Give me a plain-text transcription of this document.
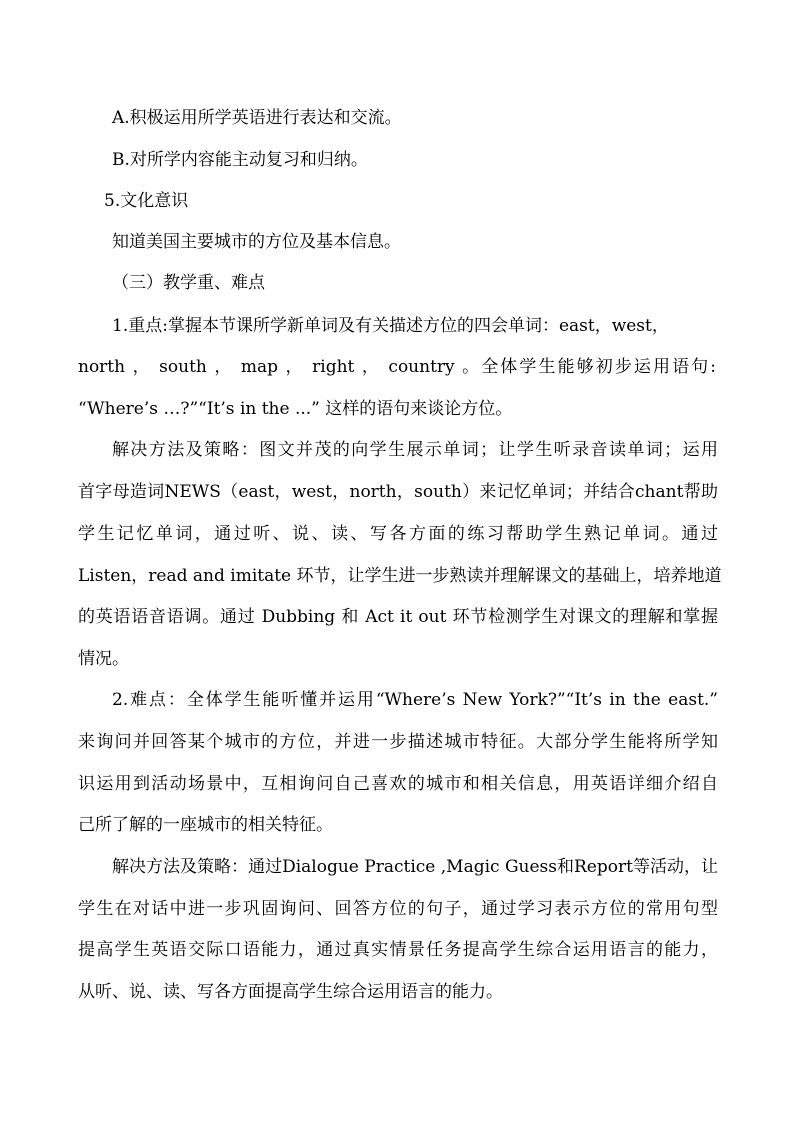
A.积极运用所学英语进行表达和交流。
B.对所学内容能主动复习和归纳。
5.文化意识
知道美国主要城市的方位及基本信息。
（三）教学重、难点
1.重点:掌握本节课所学新单词及有关描述方位的四会单词：east，west，
north ， south ， map ， right ， country 。全体学生能够初步运用语句:
“Where’s …?”“It’s in the ...” 这样的语句来谈论方位。
解决方法及策略：图文并茂的向学生展示单词；让学生听录音读单词；运用
首字母造词NEWS（east，west，north，south）来记忆单词；并结合chant帮助
学生记忆单词，通过听、说、读、写各方面的练习帮助学生熟记单词。通过
Listen，read and imitate 环节，让学生进一步熟读并理解课文的基础上，培养地道
的英语语音语调。通过 Dubbing 和 Act it out 环节检测学生对课文的理解和掌握
情况。
2.难点：全体学生能听懂并运用“Where’s New York?”“It’s in the east.”
来询问并回答某个城市的方位，并进一步描述城市特征。大部分学生能将所学知
识运用到活动场景中，互相询问自己喜欢的城市和相关信息，用英语详细介绍自
己所了解的一座城市的相关特征。
解决方法及策略：通过Dialogue Practice ,Magic Guess和Report等活动，让
学生在对话中进一步巩固询问、回答方位的句子，通过学习表示方位的常用句型
提高学生英语交际口语能力，通过真实情景任务提高学生综合运用语言的能力，
从听、说、读、写各方面提高学生综合运用语言的能力。
